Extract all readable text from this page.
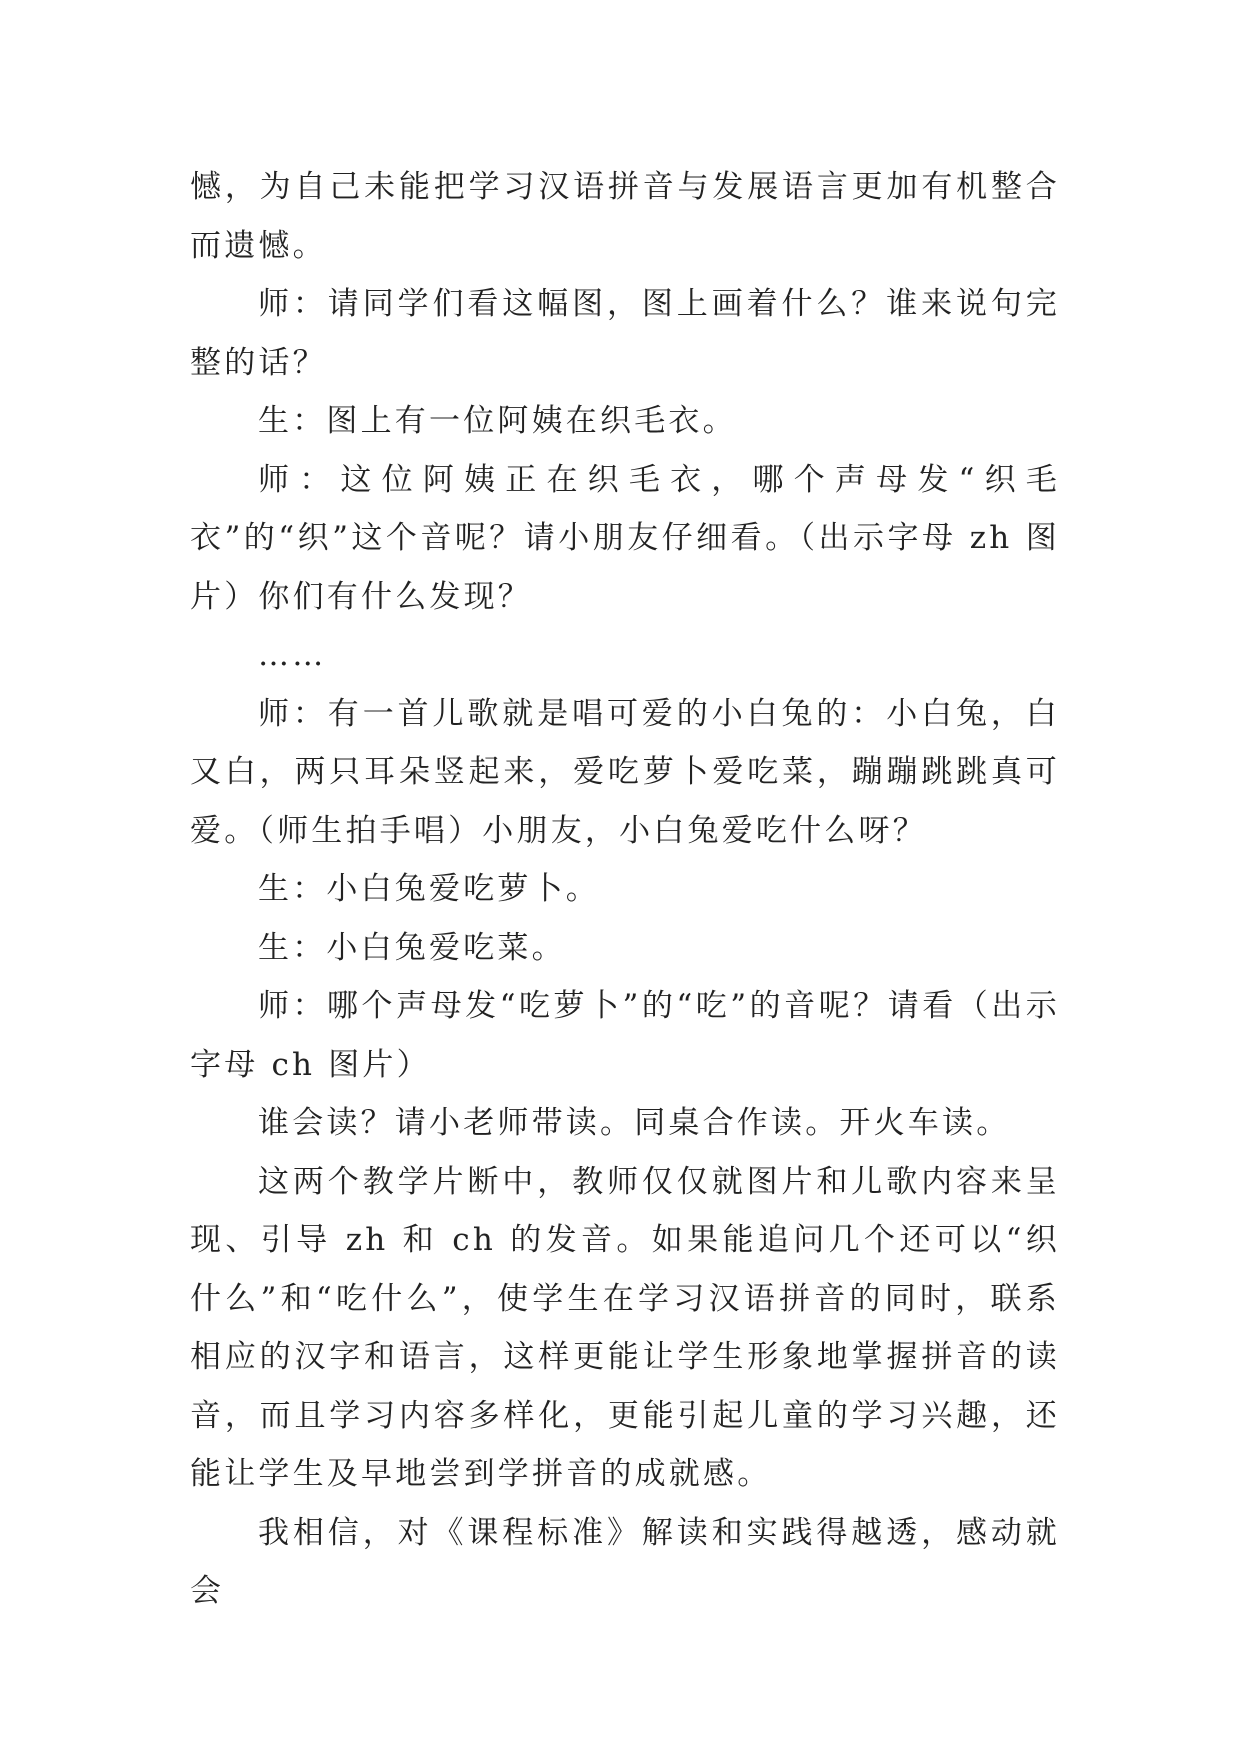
憾，为自己未能把学习汉语拼音与发展语言更加有机整合而遗憾。

师：请同学们看这幅图，图上画着什么？谁来说句完整的话？

生：图上有一位阿姨在织毛衣。

师：这位阿姨正在织毛衣，哪个声母发“织毛衣”的“织”这个音呢？请小朋友仔细看。（出示字母 zh 图片）你们有什么发现？

……

师：有一首儿歌就是唱可爱的小白兔的：小白兔，白又白，两只耳朵竖起来，爱吃萝卜爱吃菜，蹦蹦跳跳真可爱。（师生拍手唱）小朋友，小白兔爱吃什么呀？

生：小白兔爱吃萝卜。

生：小白兔爱吃菜。

师：哪个声母发“吃萝卜”的“吃”的音呢？请看（出示字母 ch 图片）

谁会读？请小老师带读。同桌合作读。开火车读。

这两个教学片断中，教师仅仅就图片和儿歌内容来呈现、引导 zh 和 ch 的发音。如果能追问几个还可以“织什么”和“吃什么”，使学生在学习汉语拼音的同时，联系相应的汉字和语言，这样更能让学生形象地掌握拼音的读音，而且学习内容多样化，更能引起儿童的学习兴趣，还能让学生及早地尝到学拼音的成就感。

我相信，对《课程标准》解读和实践得越透，感动就会
